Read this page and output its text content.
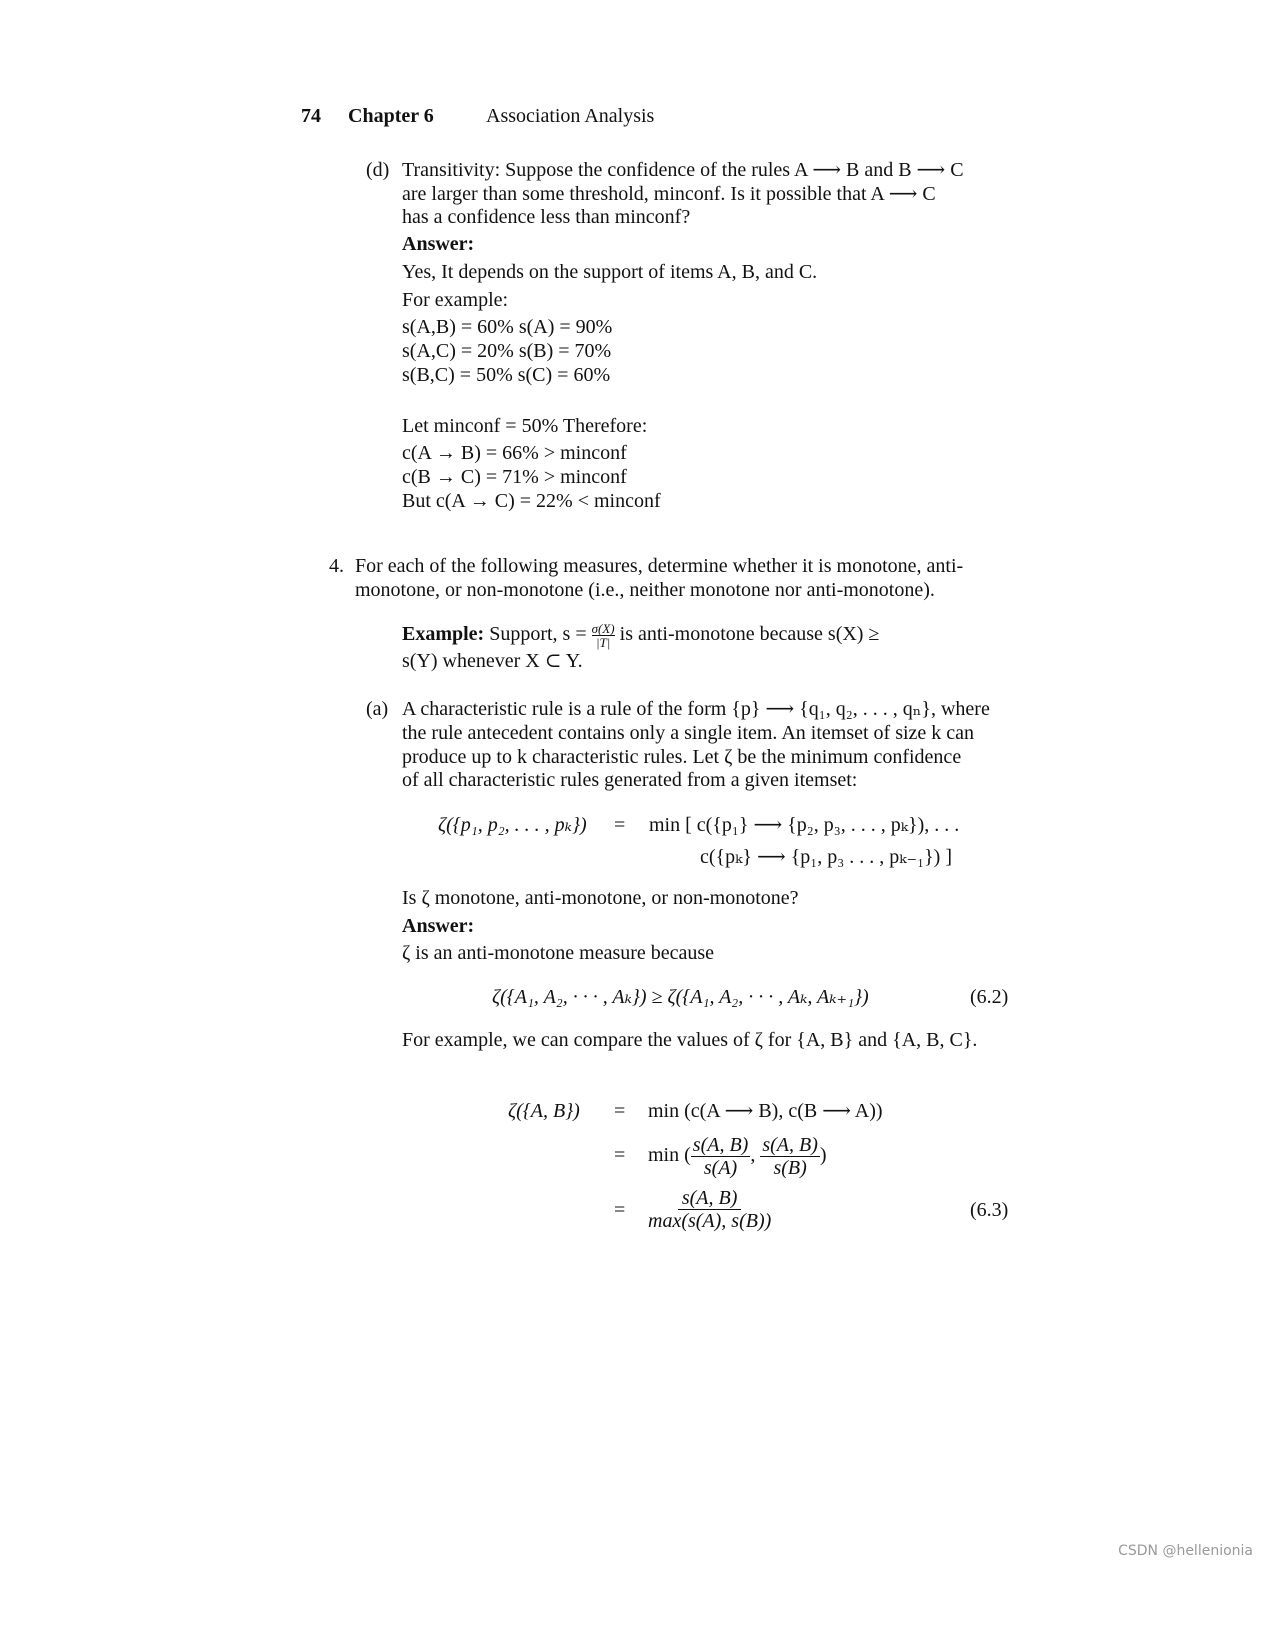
74 Chapter 6	Association Analysis
(d) Transitivity: Suppose the confidence of the rules A ⟶ B and B ⟶ C
are larger than some threshold, minconf. Is it possible that A ⟶ C
has a confidence less than minconf?
Answer:
Yes, It depends on the support of items A, B, and C.
For example:
s(A,B) = 60% s(A) = 90%
s(A,C) = 20% s(B) = 70%
s(B,C) = 50% s(C) = 60%
Let minconf = 50% Therefore:
c(A → B) = 66% > minconf
c(B → C) = 71% > minconf
But c(A → C) = 22% < minconf
4. For each of the following measures, determine whether it is monotone, anti-
monotone, or non-monotone (i.e., neither monotone nor anti-monotone).
Example: Support, $s = \frac{\sigma(X)}{|T|}$ is anti-monotone because s(X) ≥
s(Y) whenever X ⊂ Y.
(a) A characteristic rule is a rule of the form {p} ⟶ {q₁, q₂, . . . , qₙ}, where
the rule antecedent contains only a single item. An itemset of size k can
produce up to k characteristic rules. Let ζ be the minimum confidence
of all characteristic rules generated from a given itemset:
ζ({p₁, p₂, . . . , pₖ}) = min [ c({p₁} ⟶ {p₂, p₃, . . . , pₖ}), . . .
c({pₖ} ⟶ {p₁, p₃ . . . , pₖ₋₁}) ]
Is ζ monotone, anti-monotone, or non-monotone?
Answer:
ζ is an anti-monotone measure because
ζ({A₁, A₂, · · · , Aₖ}) ≥ ζ({A₁, A₂, · · · , Aₖ, Aₖ₊₁})	(6.2)
For example, we can compare the values of ζ for {A, B} and {A, B, C}.
ζ({A, B}) = min (c(A ⟶ B), c(B ⟶ A))
= min ( $\frac{s(A, B)}{s(A)}$ , $\frac{s(A, B)}{s(B)}$ )
= $\frac{s(A, B)}{\max(s(A), s(B))}$	(6.3)
CSDN @hellenionia
